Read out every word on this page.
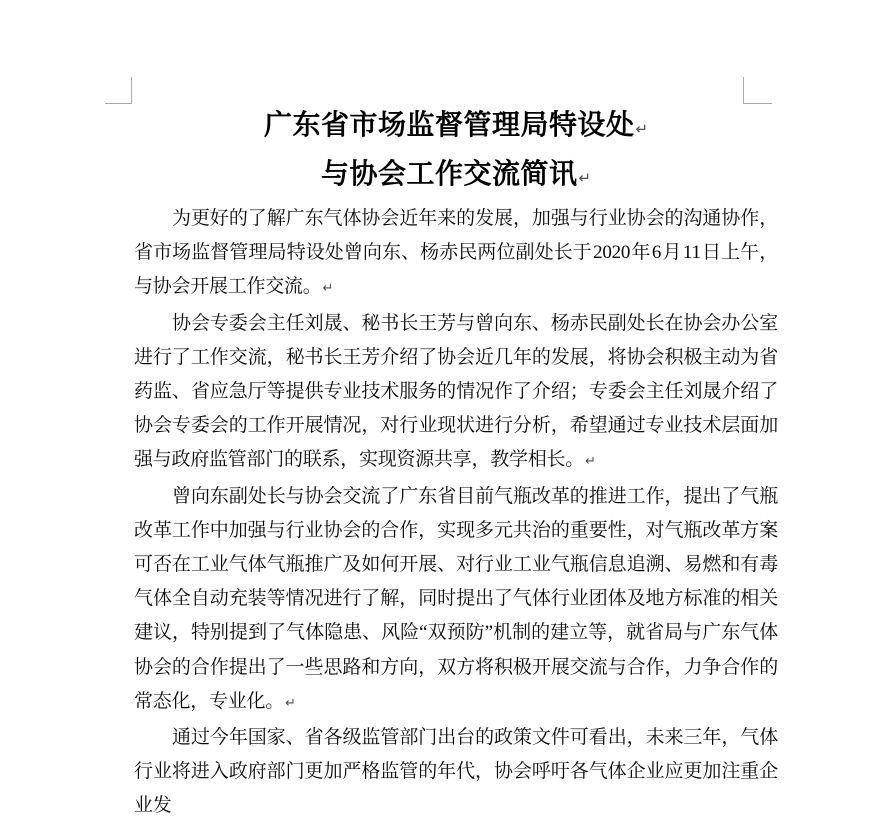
广东省市场监督管理局特设处↵
与协会工作交流简讯↵

为更好的了解广东气体协会近年来的发展，加强与行业协会的沟通协作，省市场监督管理局特设处曾向东、杨赤民两位副处长于 2020 年 6 月 11 日上午，与协会开展工作交流。↵

协会专委会主任刘晟、秘书长王芳与曾向东、杨赤民副处长在协会办公室进行了工作交流，秘书长王芳介绍了协会近几年的发展，将协会积极主动为省药监、省应急厅等提供专业技术服务的情况作了介绍；专委会主任刘晟介绍了协会专委会的工作开展情况，对行业现状进行分析，希望通过专业技术层面加强与政府监管部门的联系，实现资源共享，教学相长。↵

曾向东副处长与协会交流了广东省目前气瓶改革的推进工作，提出了气瓶改革工作中加强与行业协会的合作，实现多元共治的重要性，对气瓶改革方案可否在工业气体气瓶推广及如何开展、对行业工业气瓶信息追溯、易燃和有毒气体全自动充装等情况进行了解，同时提出了气体行业团体及地方标准的相关建议，特别提到了气体隐患、风险“双预防”机制的建立等，就省局与广东气体协会的合作提出了一些思路和方向，双方将积极开展交流与合作，力争合作的常态化，专业化。↵

通过今年国家、省各级监管部门出台的政策文件可看出，未来三年，气体行业将进入政府部门更加严格监管的年代，协会呼吁各气体企业应更加注重企业发
